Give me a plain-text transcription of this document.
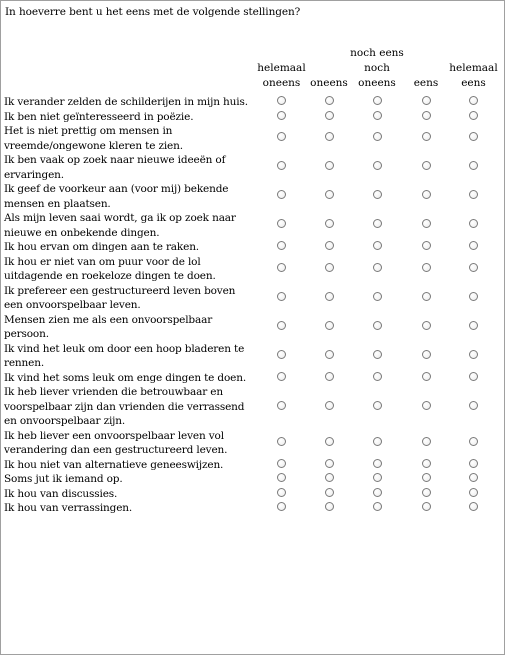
In hoeverre bent u het eens met de volgende stellingen?
	helemaal oneens	oneens	noch eens noch oneens	eens	helemaal eens
Ik verander zelden de schilderijen in mijn huis.					
Ik ben niet geïnteresseerd in poëzie.					
Het is niet prettig om mensen in vreemde/ongewone kleren te zien.					
Ik ben vaak op zoek naar nieuwe ideeën of ervaringen.					
Ik geef de voorkeur aan (voor mij) bekende mensen en plaatsen.					
Als mijn leven saai wordt, ga ik op zoek naar nieuwe en onbekende dingen.					
Ik hou ervan om dingen aan te raken.					
Ik hou er niet van om puur voor de lol uitdagende en roekeloze dingen te doen.					
Ik prefereer een gestructureerd leven boven een onvoorspelbaar leven.					
Mensen zien me als een onvoorspelbaar persoon.					
Ik vind het leuk om door een hoop bladeren te rennen.					
Ik vind het soms leuk om enge dingen te doen.					
Ik heb liever vrienden die betrouwbaar en voorspelbaar zijn dan vrienden die verrassend en onvoorspelbaar zijn.					
Ik heb liever een onvoorspelbaar leven vol verandering dan een gestructureerd leven.					
Ik hou niet van alternatieve geneeswijzen.					
Soms jut ik iemand op.					
Ik hou van discussies.					
Ik hou van verrassingen.					
